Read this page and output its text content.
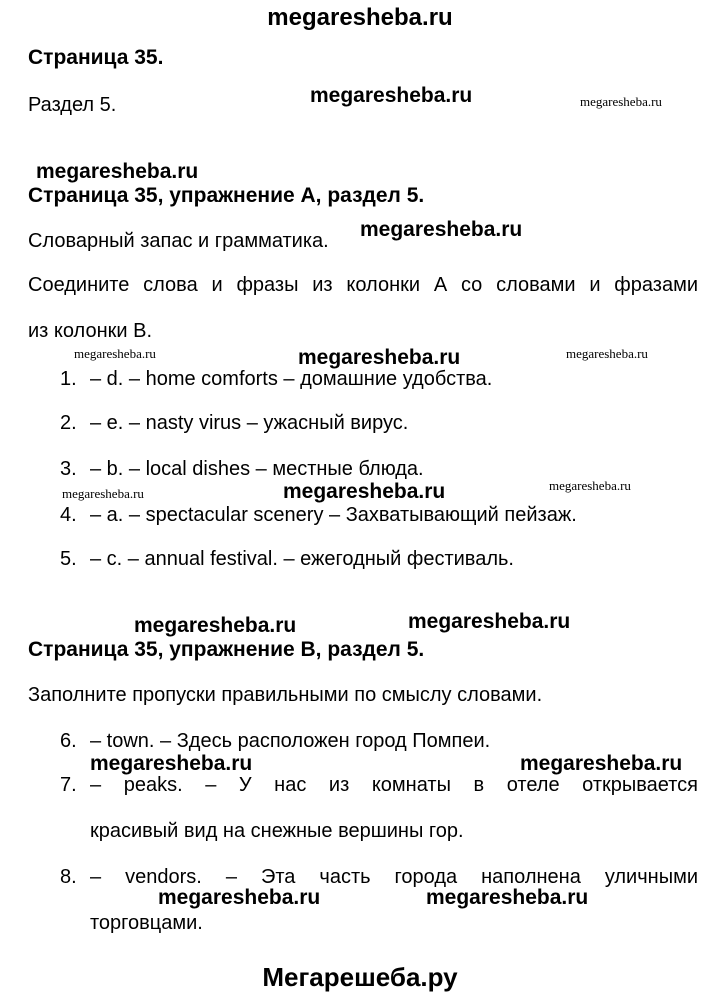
megaresheba.ru
Страница 35.
Раздел 5.	megaresheba.ru	megaresheba.ru
megaresheba.ru
megaresheba.ru
megaresheba.ru	megaresheba.ru	megaresheba.ru
megaresheba.ru	megaresheba.ru	megaresheba.ru
megaresheba.ru	megaresheba.ru
megaresheba.ru	megaresheba.ru
megaresheba.ru	megaresheba.ru
Страница 35, упражнение А, раздел 5.
Словарный запас и грамматика.
Соедините слова и фразы из колонки А со словами и фразами
из колонки В.
1. – d. – home comforts – домашние удобства.
2. – e. – nasty virus – ужасный вирус.
3. – b. – local dishes – местные блюда.
4. – a. – spectacular scenery – Захватывающий пейзаж.
5. – c. – annual festival. – ежегодный фестиваль.
Страница 35, упражнение В, раздел 5.
Заполните пропуски правильными по смыслу словами.
6. – town. – Здесь расположен город Помпеи.
7. – peaks. – У нас из комнаты в отеле открывается
красивый вид на снежные вершины гор.
8. – vendors. – Эта часть города наполнена уличными
торговцами.
Мегарешеба.ру
